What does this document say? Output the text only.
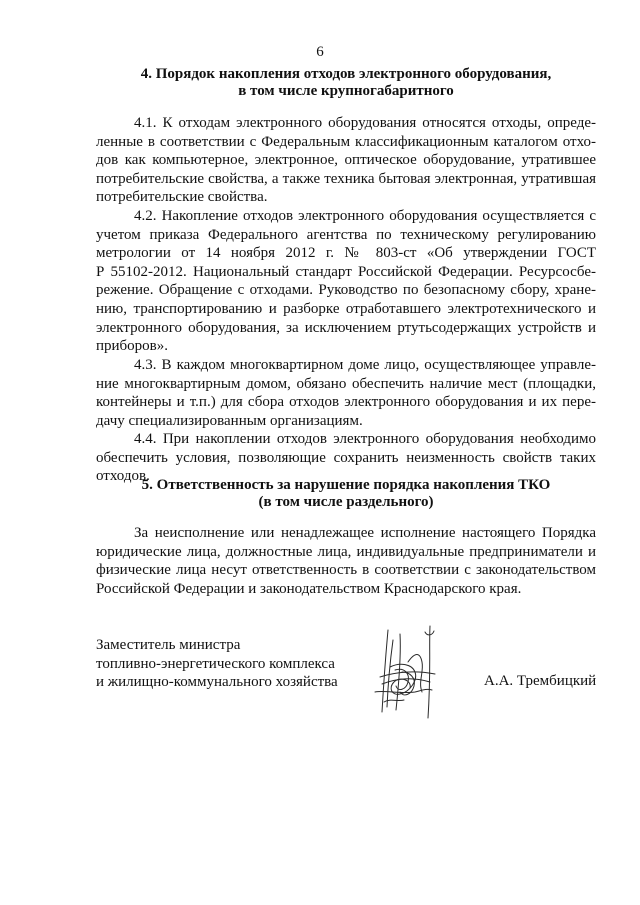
6
4. Порядок накопления отходов электронного оборудования,
в том числе крупногабаритного
4.1. К отходам электронного оборудования относятся отходы, опреде-
ленные в соответствии с Федеральным классификационным каталогом отхо-
дов как компьютерное, электронное, оптическое оборудование, утратившее
потребительские свойства, а также техника бытовая электронная, утратившая
потребительские свойства.
4.2. Накопление отходов электронного оборудования осуществляется с
учетом приказа Федерального агентства по техническому регулированию
метрологии от 14 ноября 2012 г. № 803-ст «Об утверждении ГОСТ
Р 55102-2012. Национальный стандарт Российской Федерации. Ресурсосбе-
режение. Обращение с отходами. Руководство по безопасному сбору, хране-
нию, транспортированию и разборке отработавшего электротехнического и
электронного оборудования, за исключением ртутьсодержащих устройств и
приборов».
4.3. В каждом многоквартирном доме лицо, осуществляющее управле-
ние многоквартирным домом, обязано обеспечить наличие мест (площадки,
контейнеры и т.п.) для сбора отходов электронного оборудования и их пере-
дачу специализированным организациям.
4.4. При накоплении отходов электронного оборудования необходимо
обеспечить условия, позволяющие сохранить неизменность свойств таких
отходов.
5. Ответственность за нарушение порядка накопления ТКО
(в том числе раздельного)
За неисполнение или ненадлежащее исполнение настоящего Порядка
юридические лица, должностные лица, индивидуальные предприниматели и
физические лица несут ответственность в соответствии с законодательством
Российской Федерации и законодательством Краснодарского края.
Заместитель министра
топливно-энергетического комплекса
и жилищно-коммунального хозяйства	А.А. Трембицкий
